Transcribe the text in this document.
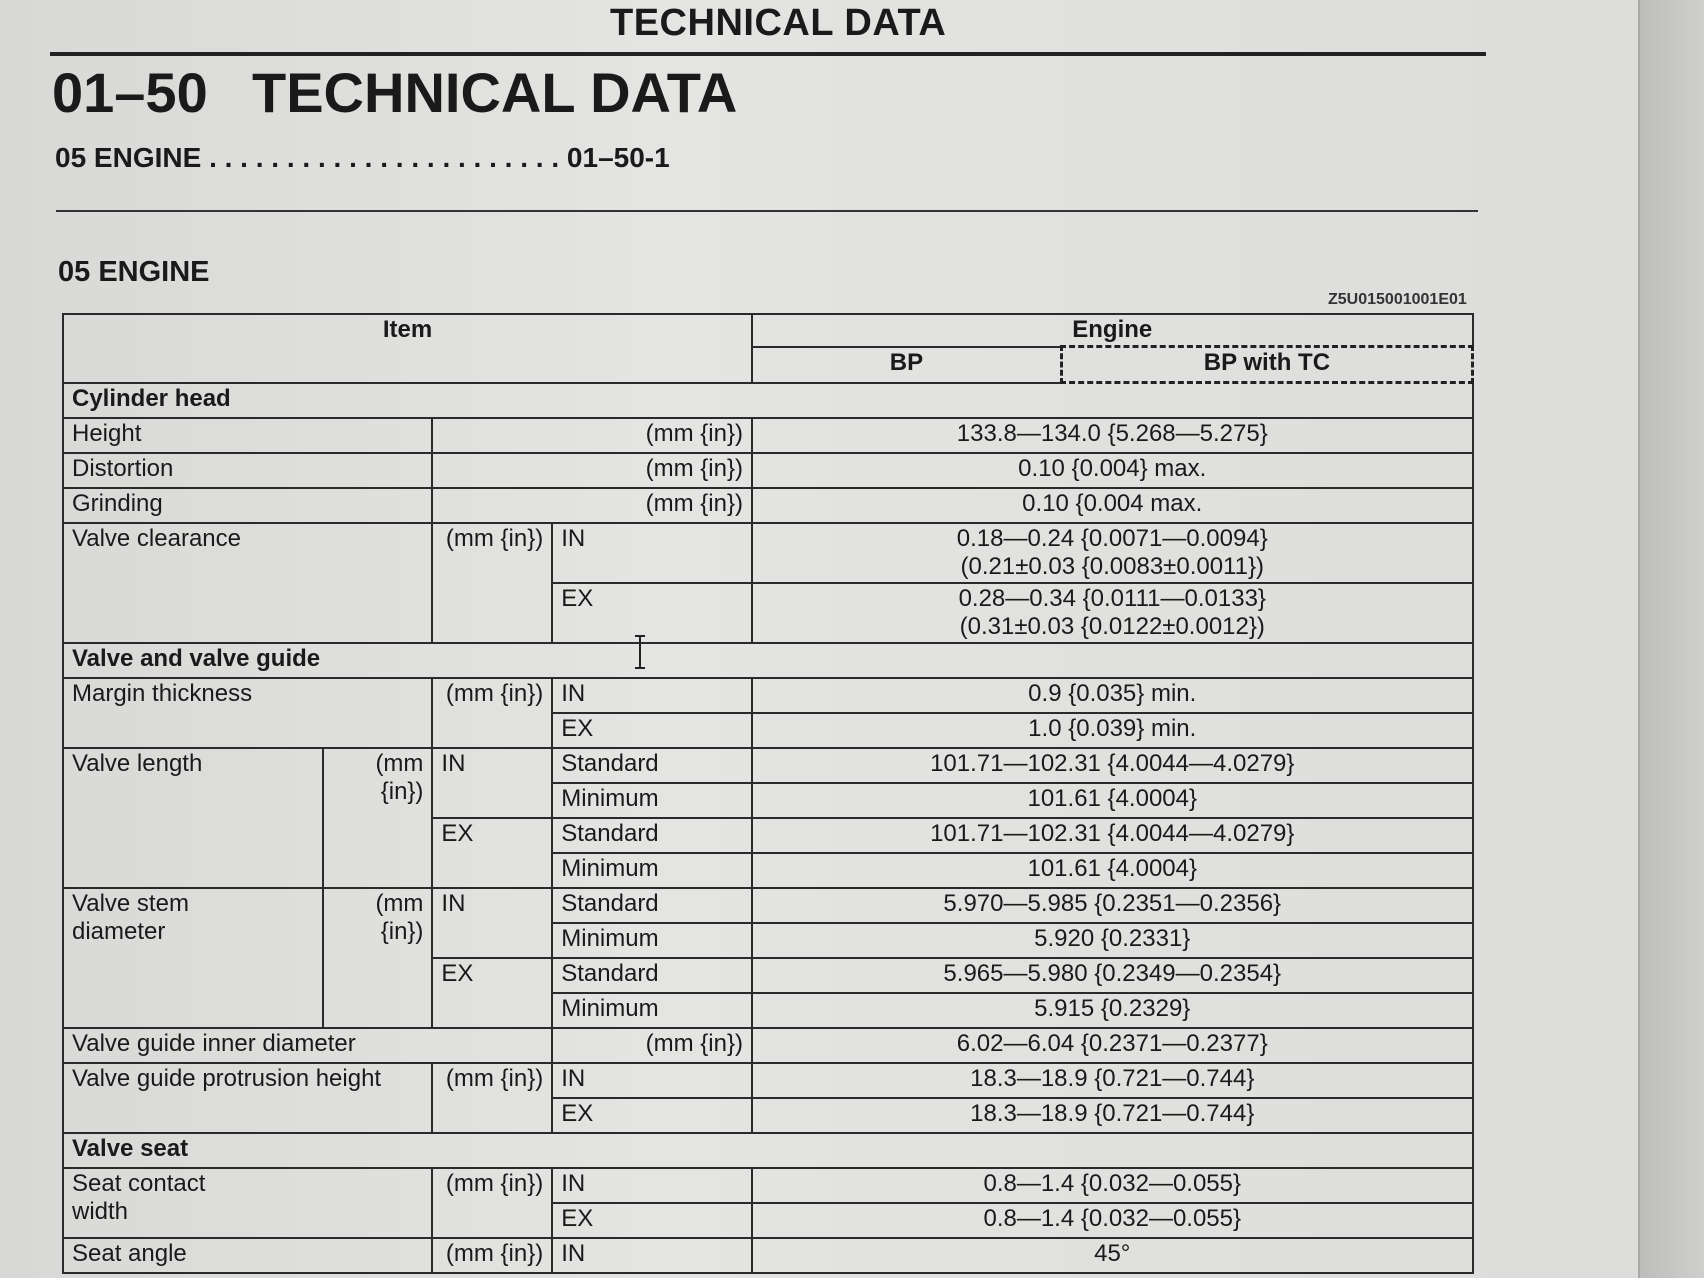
TECHNICAL DATA
01–50 TECHNICAL DATA
05 ENGINE . . . . . . . . . . . . . . . . . . . . . . . 01–50-1
05 ENGINE
Z5U015001001E01
Item				Engine	
				BP	BP with TC
Cylinder head					
Height		(mm {in})		133.8—134.0 {5.268—5.275}	
Distortion		(mm {in})		0.10 {0.004} max.	
Grinding		(mm {in})		0.10 {0.004 max.	
Valve clearance		(mm {in})	IN	0.18—0.24 {0.0071—0.0094}
(0.21±0.03 {0.0083±0.0011})	

			EX	0.28—0.34 {0.0111—0.0133}
(0.31±0.03 {0.0122±0.0012})	

Valve and valve guide					
Margin thickness		(mm {in})	IN	0.9 {0.035} min.	
			EX	1.0 {0.039} min.	
Valve length	(mm {in})	IN	Standard	101.71—102.31 {4.0044—4.0279}	
			Minimum	101.61 {4.0004}	
		EX	Standard	101.71—102.31 {4.0044—4.0279}	
			Minimum	101.61 {4.0004}	

Valve stem
diameter	(mm {in})	IN	Standard	5.970—5.985 {0.2351—0.2356}	
			Minimum	5.920 {0.2331}	
		EX	Standard	5.965—5.980 {0.2349—0.2354}	
			Minimum	5.915 {0.2329}	
Valve guide inner diameter			(mm {in})	6.02—6.04 {0.2371—0.2377}	
Valve guide protrusion height		(mm {in})	IN	18.3—18.9 {0.721—0.744}	
			EX	18.3—18.9 {0.721—0.744}	
Valve seat					

Seat contact
width		(mm {in})	IN	0.8—1.4 {0.032—0.055}	
			EX	0.8—1.4 {0.032—0.055}	
Seat angle		(mm {in})	IN	45°	
